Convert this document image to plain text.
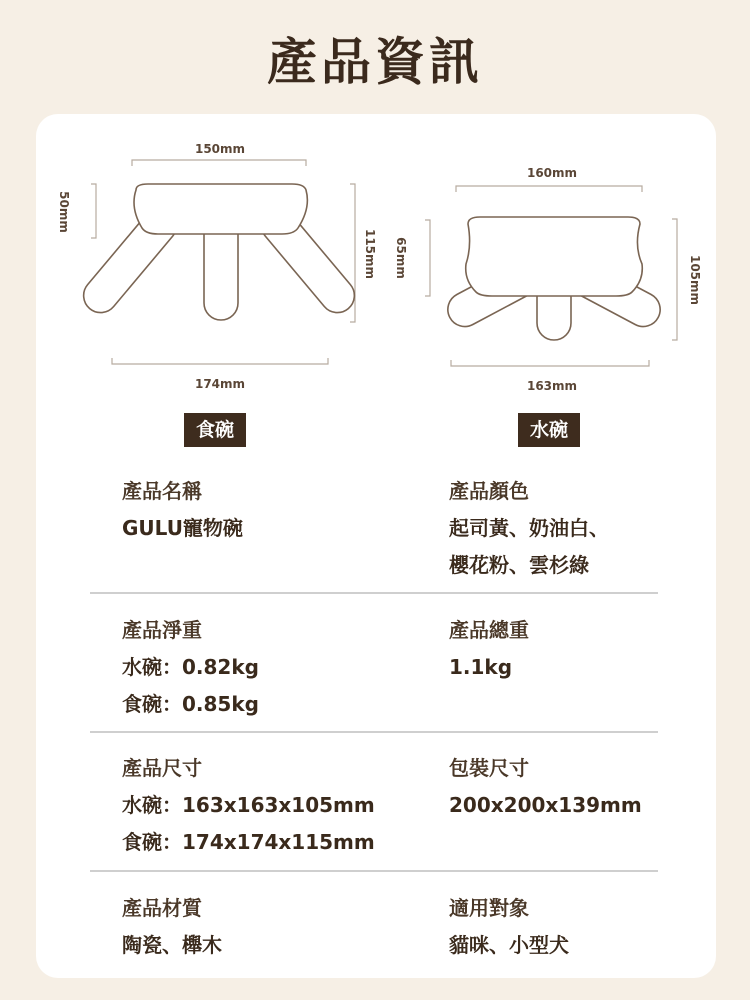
產品資訊
150mm
50mm
115mm
174mm
160mm
65mm	105mm
163mm
食碗	水碗
產品名稱
GULU寵物碗
產品顏色
起司黃、奶油白、
櫻花粉、雲杉綠
產品淨重
水碗：0.82kg
食碗：0.85kg
產品總重
1.1kg
產品尺寸
水碗：163x163x105mm
食碗：174x174x115mm
包裝尺寸
200x200x139mm
產品材質
陶瓷、櫸木
適用對象
貓咪、小型犬
